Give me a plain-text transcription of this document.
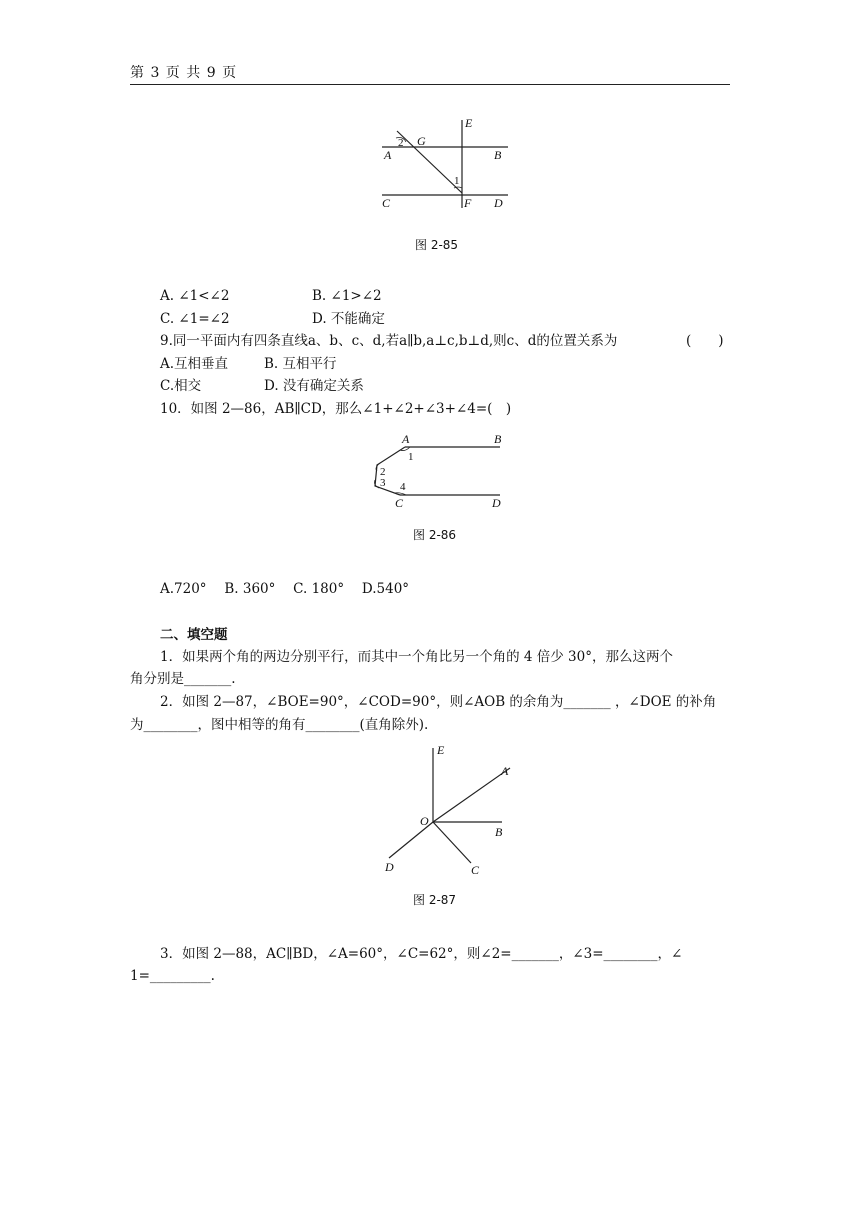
第 3 页 共 9 页
E
G
A	B
C	F D
2
1
图 2-85
A. ∠1<∠2	B. ∠1>∠2
C. ∠1=∠2	D. 不能确定
9.同一平面内有四条直线a、b、c、d,若a∥b,a⊥c,b⊥d,则c、d的位置关系为	(　　)
A.互相垂直	B. 互相平行
C.相交	D. 没有确定关系
10．如图 2—86，AB∥CD，那么∠1+∠2+∠3+∠4=(　)
A	B
C	D
1
2
3 4
图 2-86
A.720°　 B. 360°　 C. 180°　 D.540°
二、填空题
1．如果两个角的两边分别平行，而其中一个角比另一个角的 4 倍少 30°，那么这两个
角分别是_______.
2．如图 2—87，∠BOE=90°，∠COD=90°，则∠AOB 的余角为_______ ，∠DOE 的补角
为________，图中相等的角有________(直角除外).
E
A
O
B
C
D
图 2-87
3．如图 2—88，AC∥BD，∠A=60°，∠C=62°，则∠2=_______，∠3=________，∠
1=_________.
